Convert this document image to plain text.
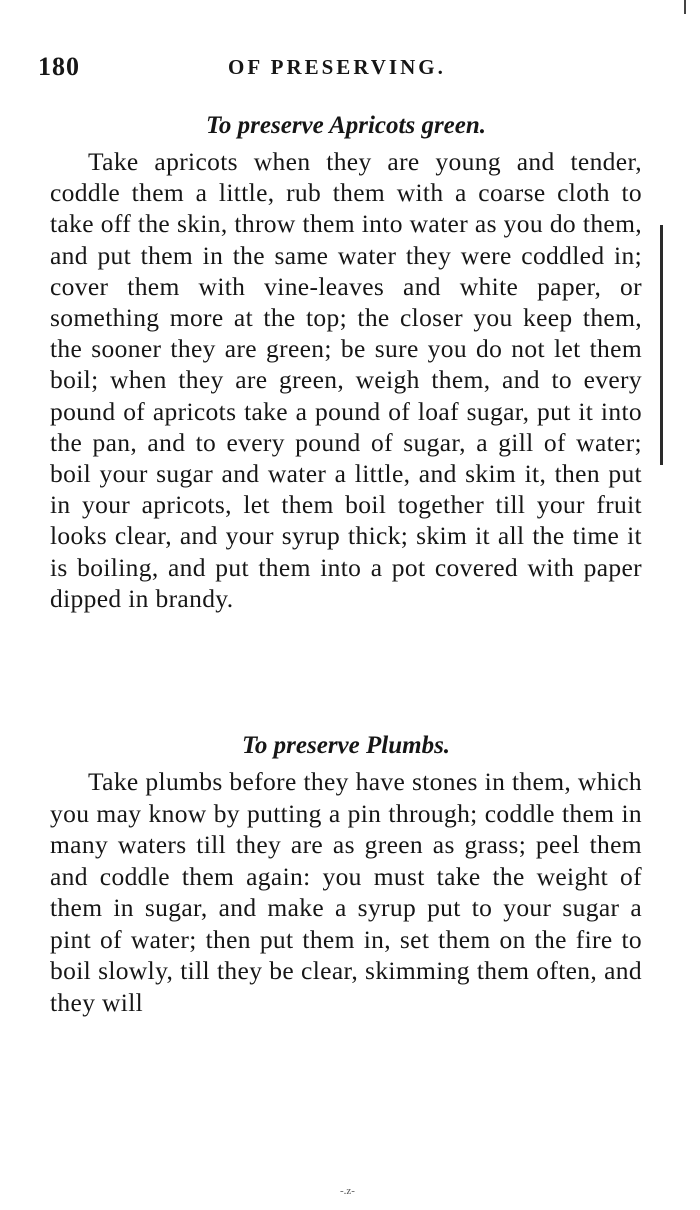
180	OF PRESERVING.
To preserve Apricots green.

Take apricots when they are young and tender, coddle them a little, rub them with a coarse cloth to take off the skin, throw them into water as you do them, and put them in the same water they were coddled in; cover them with vine-leaves and white paper, or something more at the top; the closer you keep them, the sooner they are green; be sure you do not let them boil; when they are green, weigh them, and to every pound of apricots take a pound of loaf sugar, put it into the pan, and to every pound of sugar, a gill of water; boil your sugar and water a little, and skim it, then put in your apricots, let them boil together till your fruit looks clear, and your syrup thick; skim it all the time it is boiling, and put them into a pot covered with paper dipped in brandy.

To preserve Plumbs.

Take plumbs before they have stones in them, which you may know by putting a pin through; coddle them in many waters till they are as green as grass; peel them and coddle them again: you must take the weight of them in sugar, and make a syrup put to your sugar a pint of water; then put them in, set them on the fire to boil slowly, till they be clear, skimming them often, and they will

-.z-
